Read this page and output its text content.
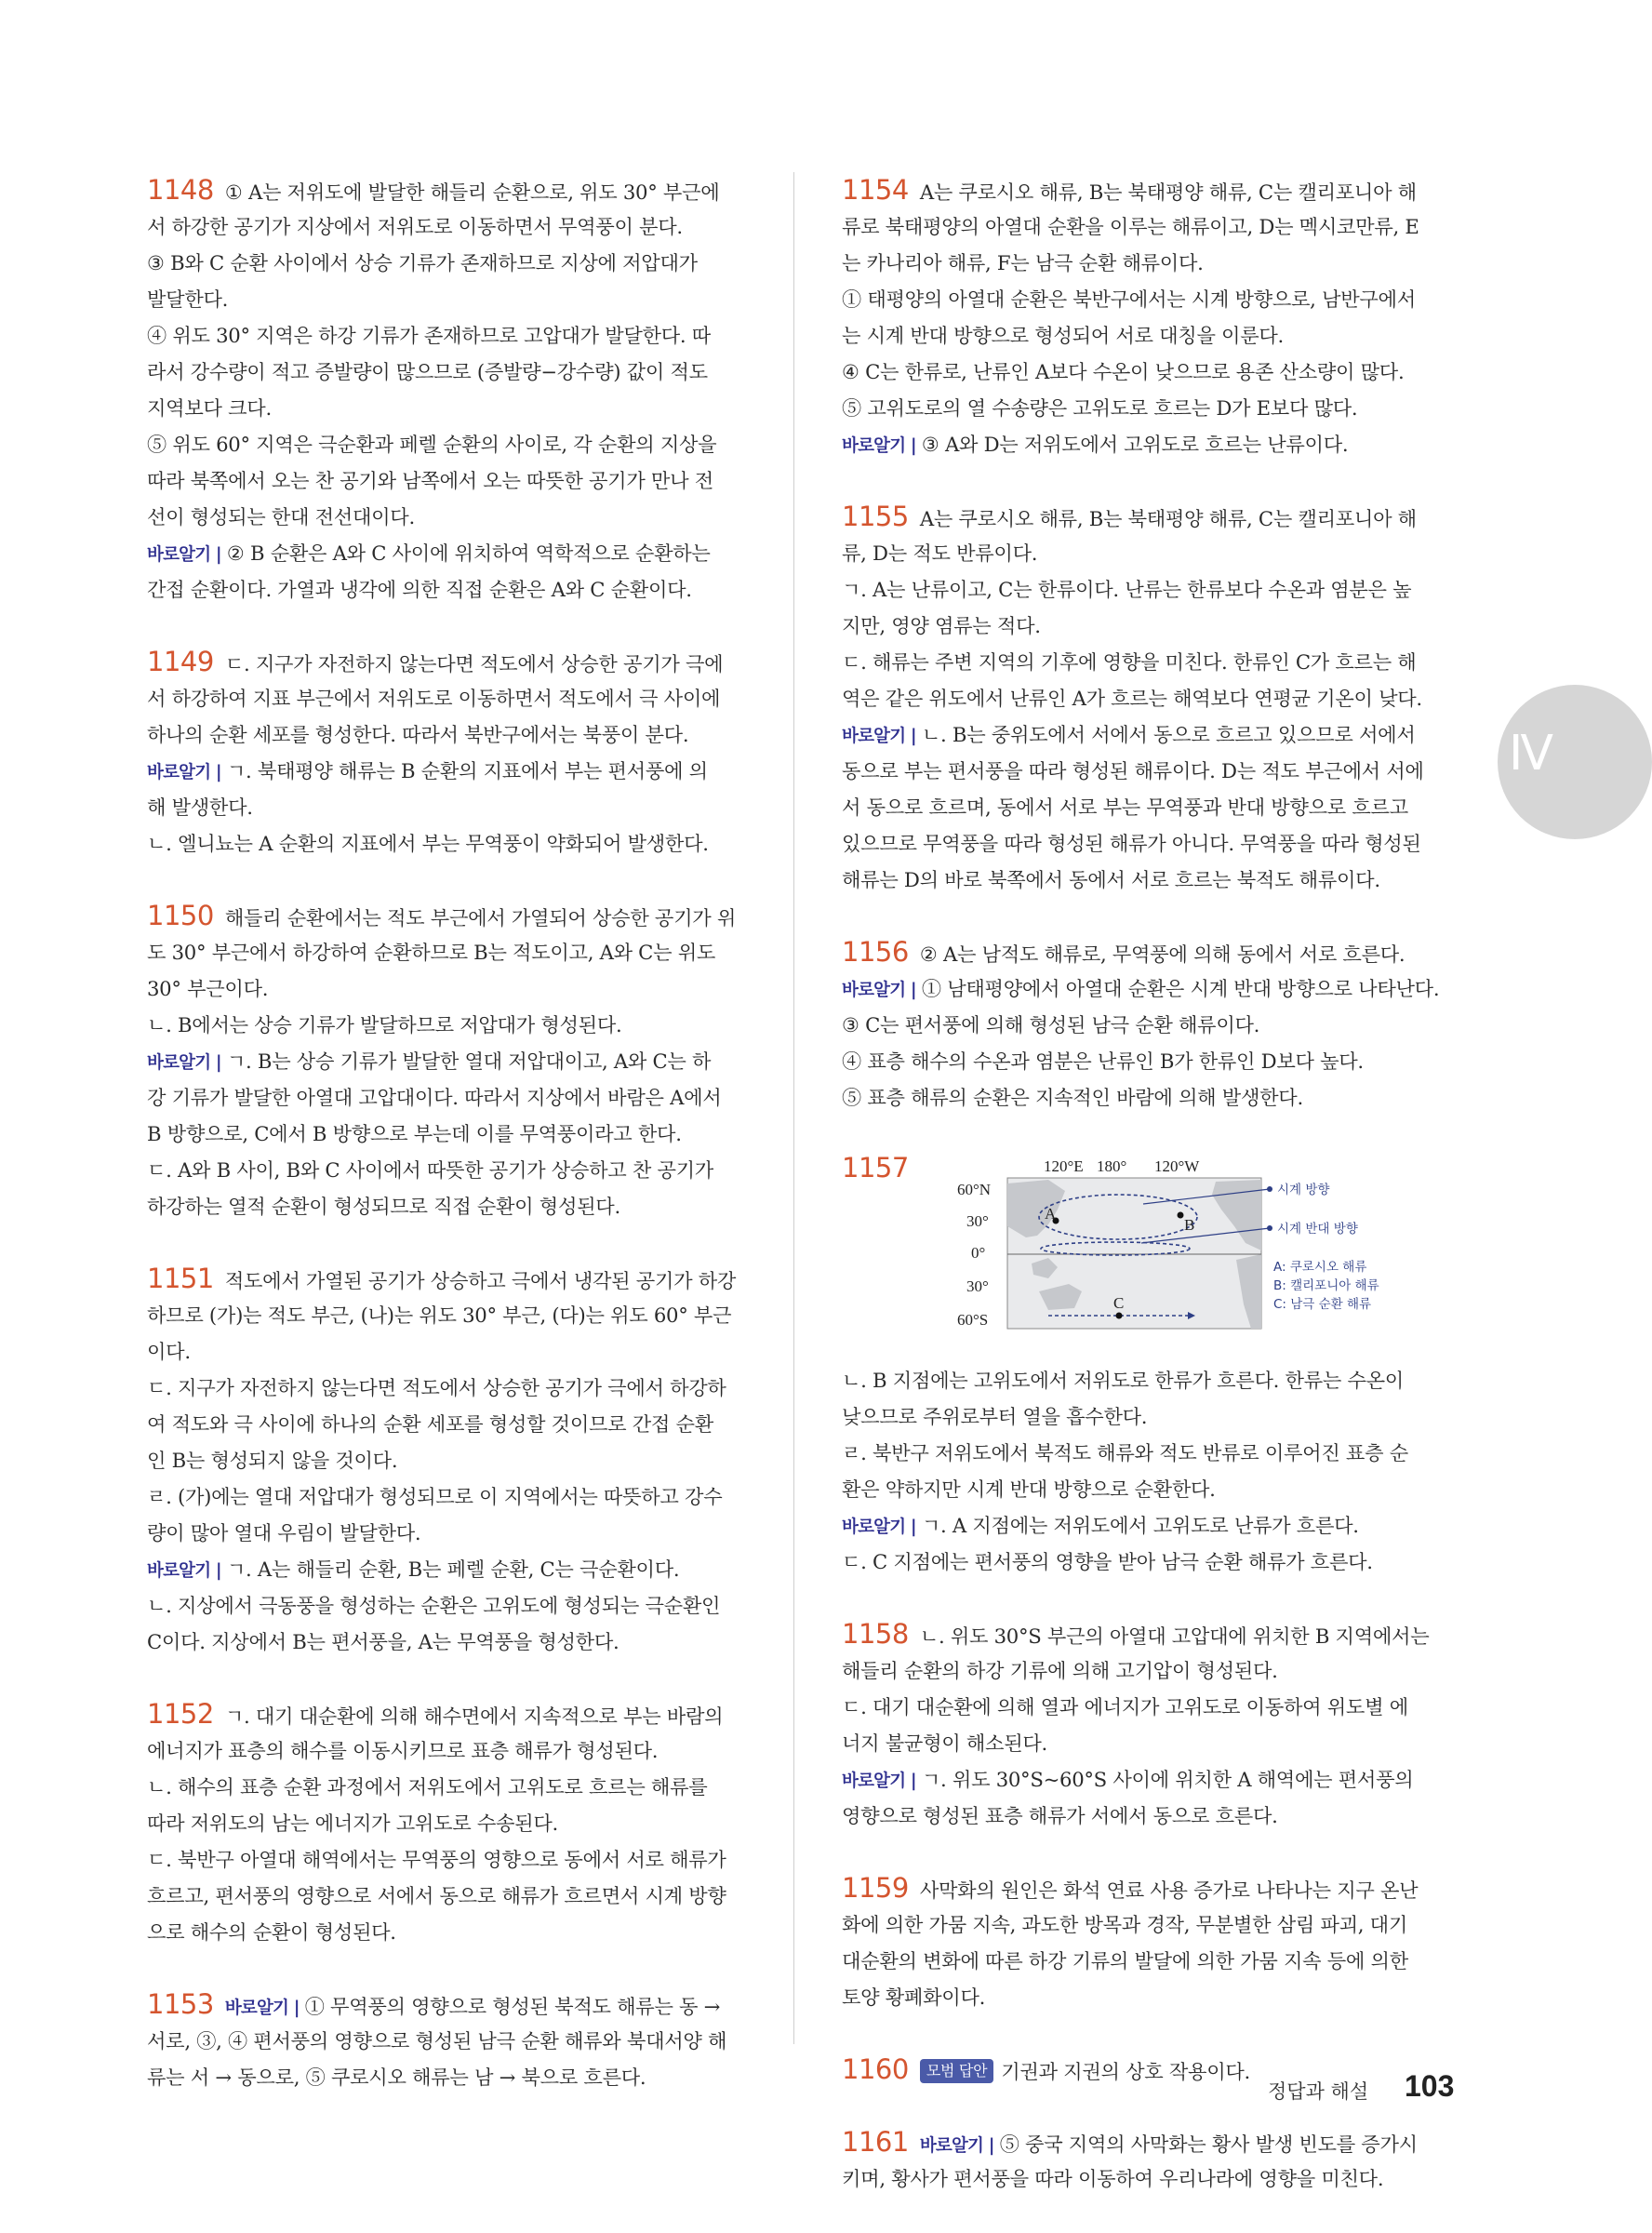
Ⅳ
1148 ① A는 저위도에 발달한 해들리 순환으로, 위도 30° 부근에
서 하강한 공기가 지상에서 저위도로 이동하면서 무역풍이 분다.
③ B와 C 순환 사이에서 상승 기류가 존재하므로 지상에 저압대가
발달한다.
④ 위도 30° 지역은 하강 기류가 존재하므로 고압대가 발달한다. 따
라서 강수량이 적고 증발량이 많으므로 (증발량−강수량) 값이 적도
지역보다 크다.
⑤ 위도 60° 지역은 극순환과 페렐 순환의 사이로, 각 순환의 지상을
따라 북쪽에서 오는 찬 공기와 남쪽에서 오는 따뜻한 공기가 만나 전
선이 형성되는 한대 전선대이다.
바로알기 | ② B 순환은 A와 C 사이에 위치하여 역학적으로 순환하는
간접 순환이다. 가열과 냉각에 의한 직접 순환은 A와 C 순환이다.
1149 ㄷ. 지구가 자전하지 않는다면 적도에서 상승한 공기가 극에
서 하강하여 지표 부근에서 저위도로 이동하면서 적도에서 극 사이에
하나의 순환 세포를 형성한다. 따라서 북반구에서는 북풍이 분다.
바로알기 | ㄱ. 북태평양 해류는 B 순환의 지표에서 부는 편서풍에 의
해 발생한다.
ㄴ. 엘니뇨는 A 순환의 지표에서 부는 무역풍이 약화되어 발생한다.
1150 해들리 순환에서는 적도 부근에서 가열되어 상승한 공기가 위
도 30° 부근에서 하강하여 순환하므로 B는 적도이고, A와 C는 위도
30° 부근이다.
ㄴ. B에서는 상승 기류가 발달하므로 저압대가 형성된다.
바로알기 | ㄱ. B는 상승 기류가 발달한 열대 저압대이고, A와 C는 하
강 기류가 발달한 아열대 고압대이다. 따라서 지상에서 바람은 A에서
B 방향으로, C에서 B 방향으로 부는데 이를 무역풍이라고 한다.
ㄷ. A와 B 사이, B와 C 사이에서 따뜻한 공기가 상승하고 찬 공기가
하강하는 열적 순환이 형성되므로 직접 순환이 형성된다.
1151 적도에서 가열된 공기가 상승하고 극에서 냉각된 공기가 하강
하므로 (가)는 적도 부근, (나)는 위도 30° 부근, (다)는 위도 60° 부근
이다.
ㄷ. 지구가 자전하지 않는다면 적도에서 상승한 공기가 극에서 하강하
여 적도와 극 사이에 하나의 순환 세포를 형성할 것이므로 간접 순환
인 B는 형성되지 않을 것이다.
ㄹ. (가)에는 열대 저압대가 형성되므로 이 지역에서는 따뜻하고 강수
량이 많아 열대 우림이 발달한다.
바로알기 | ㄱ. A는 해들리 순환, B는 페렐 순환, C는 극순환이다.
ㄴ. 지상에서 극동풍을 형성하는 순환은 고위도에 형성되는 극순환인
C이다. 지상에서 B는 편서풍을, A는 무역풍을 형성한다.
1152 ㄱ. 대기 대순환에 의해 해수면에서 지속적으로 부는 바람의
에너지가 표층의 해수를 이동시키므로 표층 해류가 형성된다.
ㄴ. 해수의 표층 순환 과정에서 저위도에서 고위도로 흐르는 해류를
따라 저위도의 남는 에너지가 고위도로 수송된다.
ㄷ. 북반구 아열대 해역에서는 무역풍의 영향으로 동에서 서로 해류가
흐르고, 편서풍의 영향으로 서에서 동으로 해류가 흐르면서 시계 방향
으로 해수의 순환이 형성된다.
1153 바로알기 | ① 무역풍의 영향으로 형성된 북적도 해류는 동 →
서로, ③, ④ 편서풍의 영향으로 형성된 남극 순환 해류와 북대서양 해
류는 서 → 동으로, ⑤ 쿠로시오 해류는 남 → 북으로 흐른다.
1154 A는 쿠로시오 해류, B는 북태평양 해류, C는 캘리포니아 해
류로 북태평양의 아열대 순환을 이루는 해류이고, D는 멕시코만류, E
는 카나리아 해류, F는 남극 순환 해류이다.
① 태평양의 아열대 순환은 북반구에서는 시계 방향으로, 남반구에서
는 시계 반대 방향으로 형성되어 서로 대칭을 이룬다.
④ C는 한류로, 난류인 A보다 수온이 낮으므로 용존 산소량이 많다.
⑤ 고위도로의 열 수송량은 고위도로 흐르는 D가 E보다 많다.
바로알기 | ③ A와 D는 저위도에서 고위도로 흐르는 난류이다.
1155 A는 쿠로시오 해류, B는 북태평양 해류, C는 캘리포니아 해
류, D는 적도 반류이다.
ㄱ. A는 난류이고, C는 한류이다. 난류는 한류보다 수온과 염분은 높
지만, 영양 염류는 적다.
ㄷ. 해류는 주변 지역의 기후에 영향을 미친다. 한류인 C가 흐르는 해
역은 같은 위도에서 난류인 A가 흐르는 해역보다 연평균 기온이 낮다.
바로알기 | ㄴ. B는 중위도에서 서에서 동으로 흐르고 있으므로 서에서
동으로 부는 편서풍을 따라 형성된 해류이다. D는 적도 부근에서 서에
서 동으로 흐르며, 동에서 서로 부는 무역풍과 반대 방향으로 흐르고
있으므로 무역풍을 따라 형성된 해류가 아니다. 무역풍을 따라 형성된
해류는 D의 바로 북쪽에서 동에서 서로 흐르는 북적도 해류이다.
1156 ② A는 남적도 해류로, 무역풍에 의해 동에서 서로 흐른다.
바로알기 | ① 남태평양에서 아열대 순환은 시계 반대 방향으로 나타난다.
③ C는 편서풍에 의해 형성된 남극 순환 해류이다.
④ 표층 해수의 수온과 염분은 난류인 B가 한류인 D보다 높다.
⑤ 표층 해류의 순환은 지속적인 바람에 의해 발생한다.
1157	120°E 180° 120°W
60°N
30°
0°
30°
60°S
A
B
C
시계 방향
시계 반대 방향
A: 쿠로시오 해류
B: 캘리포니아 해류
C: 남극 순환 해류
ㄴ. B 지점에는 고위도에서 저위도로 한류가 흐른다. 한류는 수온이
낮으므로 주위로부터 열을 흡수한다.
ㄹ. 북반구 저위도에서 북적도 해류와 적도 반류로 이루어진 표층 순
환은 약하지만 시계 반대 방향으로 순환한다.
바로알기 | ㄱ. A 지점에는 저위도에서 고위도로 난류가 흐른다.
ㄷ. C 지점에는 편서풍의 영향을 받아 남극 순환 해류가 흐른다.
1158 ㄴ. 위도 30°S 부근의 아열대 고압대에 위치한 B 지역에서는
해들리 순환의 하강 기류에 의해 고기압이 형성된다.
ㄷ. 대기 대순환에 의해 열과 에너지가 고위도로 이동하여 위도별 에
너지 불균형이 해소된다.
바로알기 | ㄱ. 위도 30°S~60°S 사이에 위치한 A 해역에는 편서풍의
영향으로 형성된 표층 해류가 서에서 동으로 흐른다.
1159 사막화의 원인은 화석 연료 사용 증가로 나타나는 지구 온난
화에 의한 가뭄 지속, 과도한 방목과 경작, 무분별한 삼림 파괴, 대기
대순환의 변화에 따른 하강 기류의 발달에 의한 가뭄 지속 등에 의한
토양 황폐화이다.
1160 모범 답안 기권과 지권의 상호 작용이다.
1161 바로알기 | ⑤ 중국 지역의 사막화는 황사 발생 빈도를 증가시
키며, 황사가 편서풍을 따라 이동하여 우리나라에 영향을 미친다.
정답과 해설 103
